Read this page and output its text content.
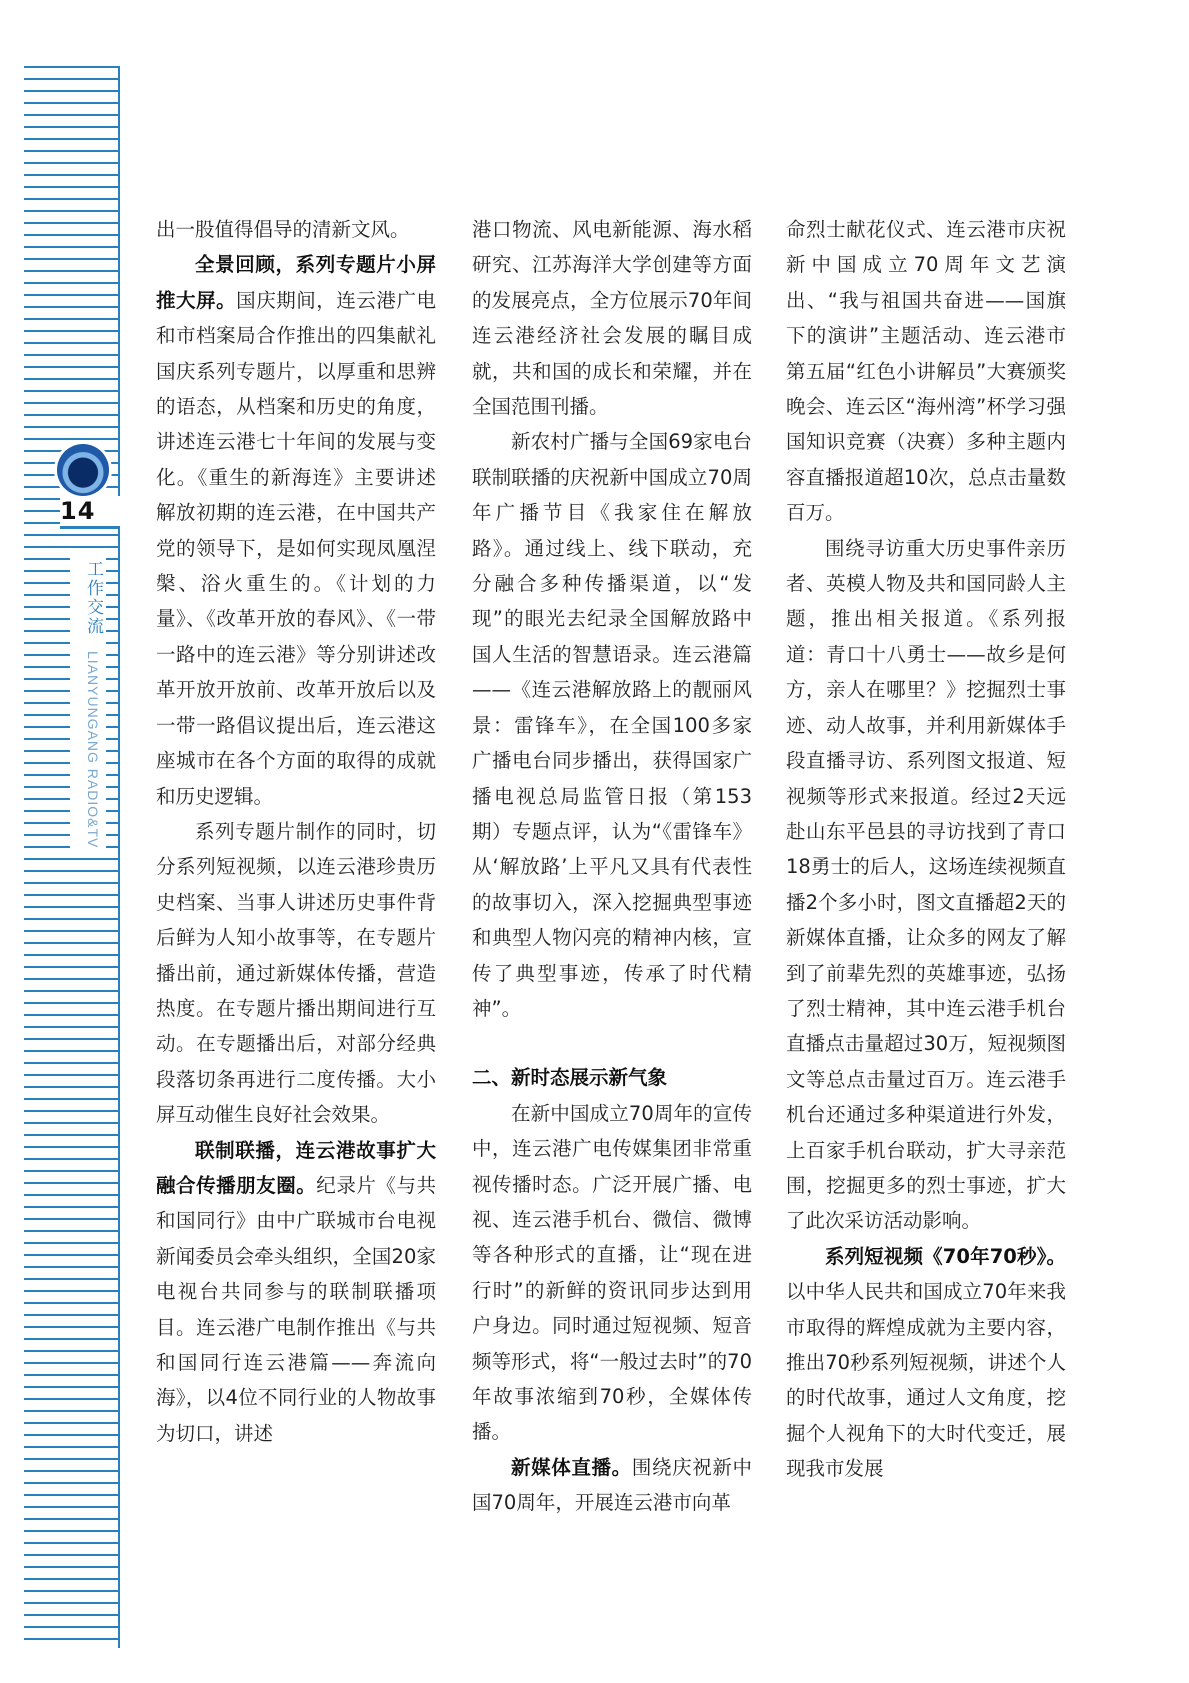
14
工作交流 LIANYUNGANG RADIO&TV

出一股值得倡导的清新文风。

全景回顾，系列专题片小屏推大屏。国庆期间，连云港广电和市档案局合作推出的四集献礼国庆系列专题片，以厚重和思辨的语态，从档案和历史的角度，讲述连云港七十年间的发展与变化。《重生的新海连》主要讲述解放初期的连云港，在中国共产党的领导下，是如何实现凤凰涅槃、浴火重生的。《计划的力量》、《改革开放的春风》、《一带一路中的连云港》等分别讲述改革开放开放前、改革开放后以及一带一路倡议提出后，连云港这座城市在各个方面的取得的成就和历史逻辑。

系列专题片制作的同时，切分系列短视频，以连云港珍贵历史档案、当事人讲述历史事件背后鲜为人知小故事等，在专题片播出前，通过新媒体传播，营造热度。在专题片播出期间进行互动。在专题播出后，对部分经典段落切条再进行二度传播。大小屏互动催生良好社会效果。

联制联播，连云港故事扩大融合传播朋友圈。纪录片《与共和国同行》由中广联城市台电视新闻委员会牵头组织，全国20家电视台共同参与的联制联播项目。连云港广电制作推出《与共和国同行连云港篇——奔流向海》，以4位不同行业的人物故事为切口，讲述

港口物流、风电新能源、海水稻研究、江苏海洋大学创建等方面的发展亮点，全方位展示70年间连云港经济社会发展的瞩目成就，共和国的成长和荣耀，并在全国范围刊播。

新农村广播与全国69家电台联制联播的庆祝新中国成立70周年广播节目《我家住在解放路》。通过线上、线下联动，充分融合多种传播渠道，以“发现”的眼光去纪录全国解放路中国人生活的智慧语录。连云港篇——《连云港解放路上的靓丽风景：雷锋车》，在全国100多家广播电台同步播出，获得国家广播电视总局监管日报（第153期）专题点评，认为“《雷锋车》从‘解放路’上平凡又具有代表性的故事切入，深入挖掘典型事迹和典型人物闪亮的精神内核，宣传了典型事迹，传承了时代精神”。

二、新时态展示新气象

在新中国成立70周年的宣传中，连云港广电传媒集团非常重视传播时态。广泛开展广播、电视、连云港手机台、微信、微博等各种形式的直播，让“现在进行时”的新鲜的资讯同步达到用户身边。同时通过短视频、短音频等形式，将“一般过去时”的70年故事浓缩到70秒，全媒体传播。

新媒体直播。围绕庆祝新中国70周年，开展连云港市向革

命烈士献花仪式、连云港市庆祝新中国成立70周年文艺演出、“我与祖国共奋进——国旗下的演讲”主题活动、连云港市第五届“红色小讲解员”大赛颁奖晚会、连云区“海州湾”杯学习强国知识竞赛（决赛）多种主题内容直播报道超10次，总点击量数百万。

围绕寻访重大历史事件亲历者、英模人物及共和国同龄人主题，推出相关报道。《系列报道：青口十八勇士——故乡是何方，亲人在哪里？》挖掘烈士事迹、动人故事，并利用新媒体手段直播寻访、系列图文报道、短视频等形式来报道。经过2天远赴山东平邑县的寻访找到了青口18勇士的后人，这场连续视频直播2个多小时，图文直播超2天的新媒体直播，让众多的网友了解到了前辈先烈的英雄事迹，弘扬了烈士精神，其中连云港手机台直播点击量超过30万，短视频图文等总点击量过百万。连云港手机台还通过多种渠道进行外发，上百家手机台联动，扩大寻亲范围，挖掘更多的烈士事迹，扩大了此次采访活动影响。

系列短视频《70年70秒》。以中华人民共和国成立70年来我市取得的辉煌成就为主要内容，推出70秒系列短视频，讲述个人的时代故事，通过人文角度，挖掘个人视角下的大时代变迁，展现我市发展
